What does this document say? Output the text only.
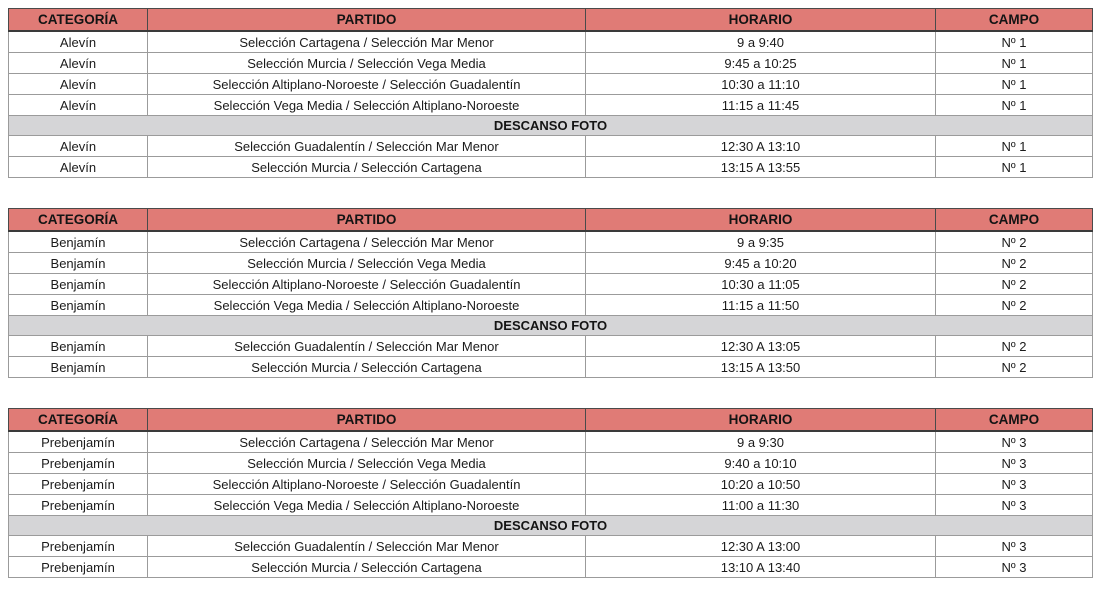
CATEGORÍA	PARTIDO	HORARIO	CAMPO
Alevín	Selección Cartagena / Selección Mar Menor	9 a 9:40	Nº 1
Alevín	Selección Murcia / Selección Vega Media	9:45 a 10:25	Nº 1
Alevín	Selección Altiplano-Noroeste / Selección Guadalentín	10:30 a 11:10	Nº 1
Alevín	Selección Vega Media / Selección Altiplano-Noroeste	11:15 a 11:45	Nº 1
DESCANSO FOTO			
Alevín	Selección Guadalentín / Selección Mar Menor	12:30 A 13:10	Nº 1
Alevín	Selección Murcia / Selección Cartagena	13:15 A 13:55	Nº 1
CATEGORÍA	PARTIDO	HORARIO	CAMPO
Benjamín	Selección Cartagena / Selección Mar Menor	9 a 9:35	Nº 2
Benjamín	Selección Murcia / Selección Vega Media	9:45 a 10:20	Nº 2
Benjamín	Selección Altiplano-Noroeste / Selección Guadalentín	10:30 a 11:05	Nº 2
Benjamín	Selección Vega Media / Selección Altiplano-Noroeste	11:15 a 11:50	Nº 2
DESCANSO FOTO			
Benjamín	Selección Guadalentín / Selección Mar Menor	12:30 A 13:05	Nº 2
Benjamín	Selección Murcia / Selección Cartagena	13:15 A 13:50	Nº 2
CATEGORÍA	PARTIDO	HORARIO	CAMPO
Prebenjamín	Selección Cartagena / Selección Mar Menor	9 a 9:30	Nº 3
Prebenjamín	Selección Murcia / Selección Vega Media	9:40 a 10:10	Nº 3
Prebenjamín	Selección Altiplano-Noroeste / Selección Guadalentín	10:20 a 10:50	Nº 3
Prebenjamín	Selección Vega Media / Selección Altiplano-Noroeste	11:00 a 11:30	Nº 3
DESCANSO FOTO			
Prebenjamín	Selección Guadalentín / Selección Mar Menor	12:30 A 13:00	Nº 3
Prebenjamín	Selección Murcia / Selección Cartagena	13:10 A 13:40	Nº 3
